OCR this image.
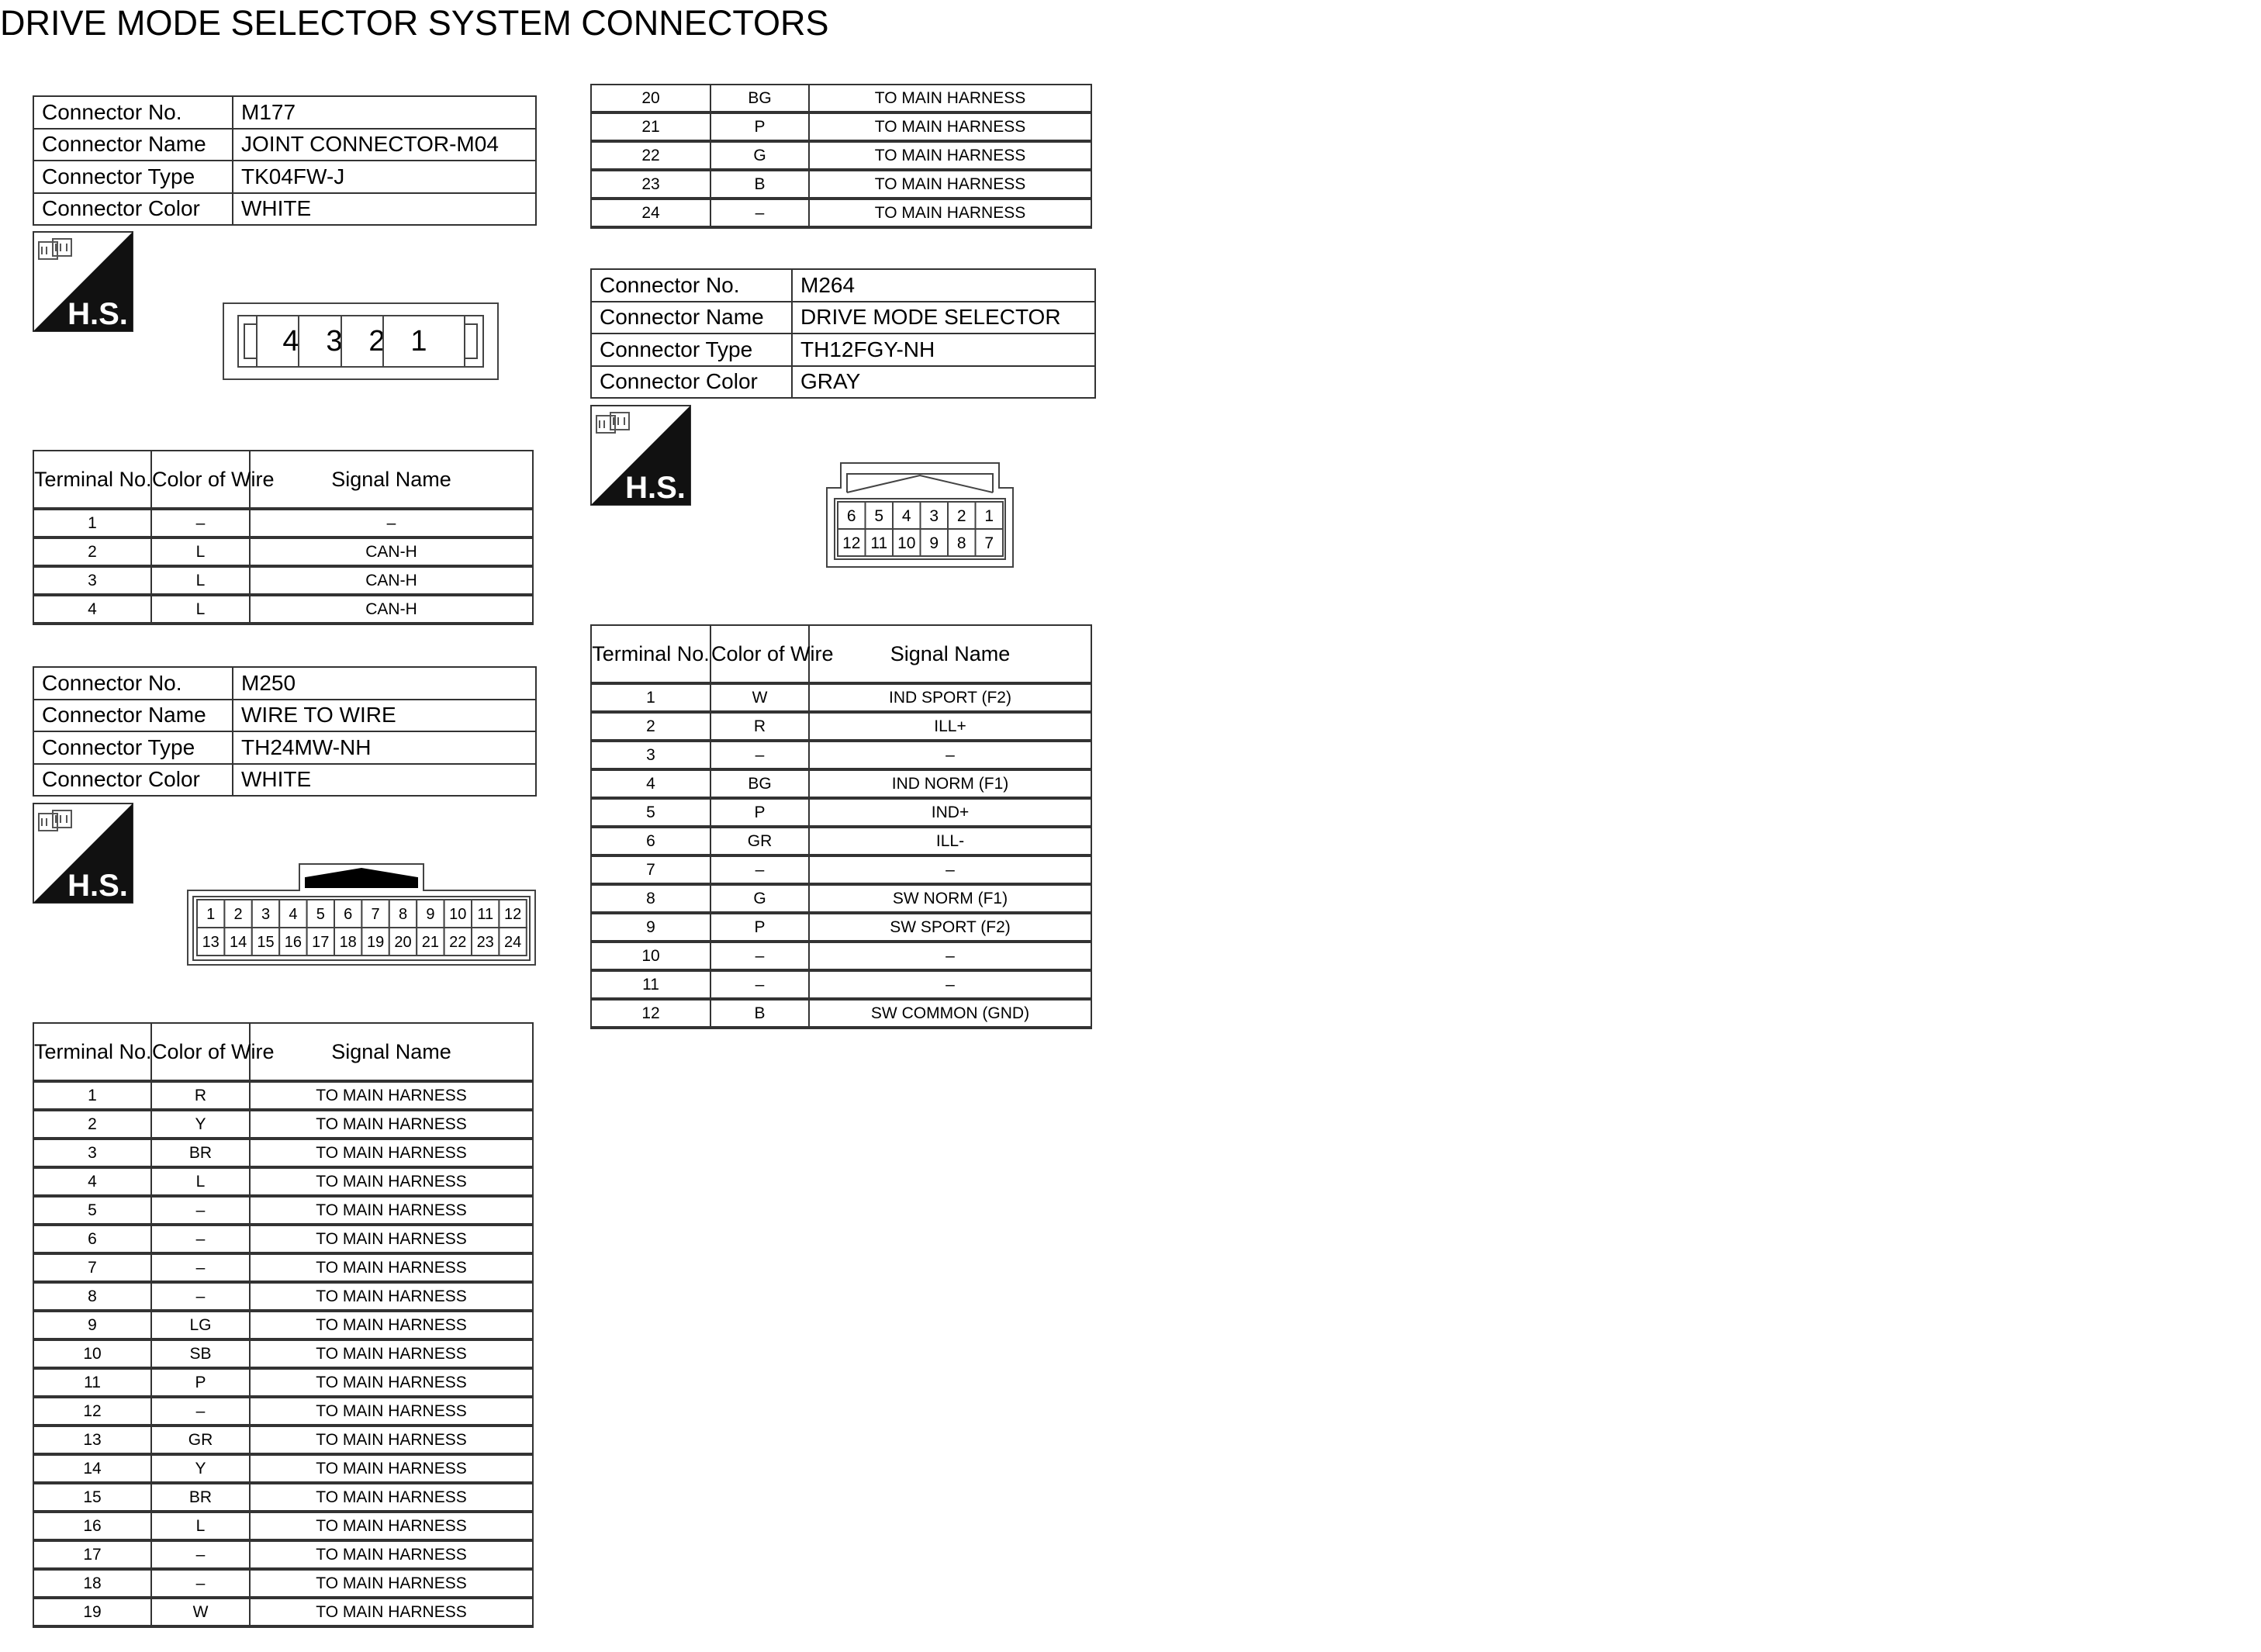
DRIVE MODE SELECTOR SYSTEM CONNECTORS
Connector No.	M177
Connector Name	JOINT CONNECTOR-M04
Connector Type	TK04FW-J
Connector Color	WHITE
H.S.
4 3 2 1
Terminal No.	Color of Wire	Signal Name
1	–	–
2	L	CAN-H
3	L	CAN-H
4	L	CAN-H
Connector No.	M250
Connector Name	WIRE TO WIRE
Connector Type	TH24MW-NH
Connector Color	WHITE
H.S.
1 2 3 4 5 6 7 8 9 10 11 12
13 14 15 16 17 18 19 20 21 22 23 24
Terminal No.	Color of Wire	Signal Name
1	R	TO MAIN HARNESS
2	Y	TO MAIN HARNESS
3	BR	TO MAIN HARNESS
4	L	TO MAIN HARNESS
5	–	TO MAIN HARNESS
6	–	TO MAIN HARNESS
7	–	TO MAIN HARNESS
8	–	TO MAIN HARNESS
9	LG	TO MAIN HARNESS
10	SB	TO MAIN HARNESS
11	P	TO MAIN HARNESS
12	–	TO MAIN HARNESS
13	GR	TO MAIN HARNESS
14	Y	TO MAIN HARNESS
15	BR	TO MAIN HARNESS
16	L	TO MAIN HARNESS
17	–	TO MAIN HARNESS
18	–	TO MAIN HARNESS
19	W	TO MAIN HARNESS
20	BG	TO MAIN HARNESS
21	P	TO MAIN HARNESS
22	G	TO MAIN HARNESS
23	B	TO MAIN HARNESS
24	–	TO MAIN HARNESS
Connector No.	M264
Connector Name	DRIVE MODE SELECTOR
Connector Type	TH12FGY-NH
Connector Color	GRAY
H.S.
6 5 4 3 2 1
12 11 10 9 8 7
Terminal No.	Color of Wire	Signal Name
1	W	IND SPORT (F2)
2	R	ILL+
3	–	–
4	BG	IND NORM (F1)
5	P	IND+
6	GR	ILL-
7	–	–
8	G	SW NORM (F1)
9	P	SW SPORT (F2)
10	–	–
11	–	–
12	B	SW COMMON (GND)
